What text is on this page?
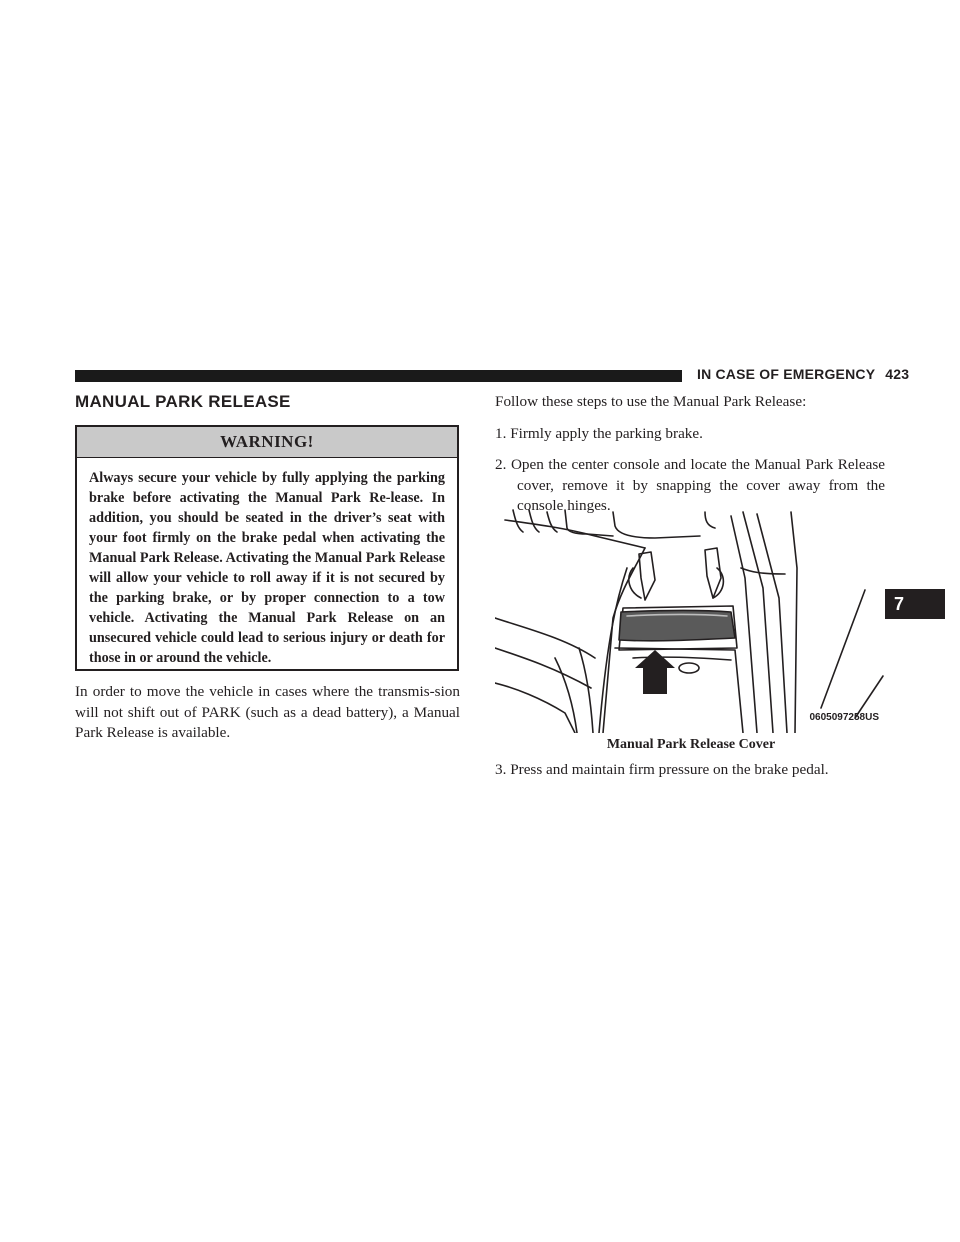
IN CASE OF EMERGENCY 423
MANUAL PARK RELEASE
WARNING!
Always secure your vehicle by fully applying the parking brake before activating the Manual Park Re-lease. In addition, you should be seated in the driver’s seat with your foot firmly on the brake pedal when activating the Manual Park Release. Activating the Manual Park Release will allow your vehicle to roll away if it is not secured by the parking brake, or by proper connection to a tow vehicle. Activating the Manual Park Release on an unsecured vehicle could lead to serious injury or death for those in or around the vehicle.
In order to move the vehicle in cases where the transmis-sion will not shift out of PARK (such as a dead battery), a Manual Park Release is available.
Follow these steps to use the Manual Park Release:
1. Firmly apply the parking brake.
2. Open the center console and locate the Manual Park Release cover, remove it by snapping the cover away from the console hinges.
0605097258US
Manual Park Release Cover
3. Press and maintain firm pressure on the brake pedal.
7
